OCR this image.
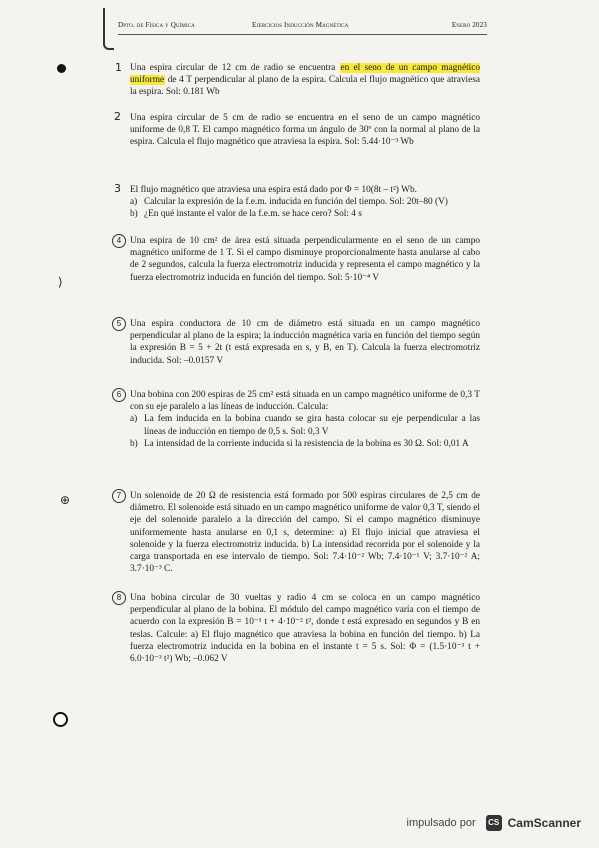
Dpto. de Física y Química	Ejercicios Inducción Magnética	Enero 2023
⟩
⊕
1
2
3
4
5
6
7
8

Una espira circular de 12 cm de radio se encuentra en el seno de un campo magnético uniforme de 4 T perpendicular al plano de la espira. Calcula el flujo magnético que atraviesa la espira. Sol: 0.181 Wb

Una espira circular de 5 cm de radio se encuentra en el seno de un campo magnético uniforme de 0,8 T. El campo magnético forma un ángulo de 30º con la normal al plano de la espira. Calcula el flujo magnético que atraviesa la espira. Sol: 5.44·10⁻³ Wb

El flujo magnético que atraviesa una espira está dado por Φ = 10(8t – t²) Wb.

a) Calcular la expresión de la f.e.m. inducida en función del tiempo. Sol: 20t–80 (V)

b) ¿En qué instante el valor de la f.e.m. se hace cero? Sol: 4 s

Una espira de 10 cm² de área está situada perpendicularmente en el seno de un campo magnético uniforme de 1 T. Si el campo disminuye proporcionalmente hasta anularse al cabo de 2 segundos, calcula la fuerza electromotriz inducida y representa el campo magnético y la fuerza electromotriz inducida en función del tiempo. Sol: 5·10⁻⁴ V

Una espira conductora de 10 cm de diámetro está situada en un campo magnético perpendicular al plano de la espira; la inducción magnética varía en función del tiempo según la expresión B = 5 + 2t (t está expresada en s, y B, en T). Calcula la fuerza electromotriz inducida. Sol: –0.0157 V

Una bobina con 200 espiras de 25 cm² está situada en un campo magnético uniforme de 0,3 T con su eje paralelo a las líneas de inducción. Calcula:

a) La fem inducida en la bobina cuando se gira hasta colocar su eje perpendicular a las líneas de inducción en tiempo de 0,5 s. Sol: 0,3 V

b) La intensidad de la corriente inducida si la resistencia de la bobina es 30 Ω. Sol: 0,01 A

Un solenoide de 20 Ω de resistencia está formado por 500 espiras circulares de 2,5 cm de diámetro. El solenoide está situado en un campo magnético uniforme de valor 0,3 T, siendo el eje del solenoide paralelo a la dirección del campo. Si el campo magnético disminuye uniformemente hasta anularse en 0,1 s, determine: a) El flujo inicial que atraviesa el solenoide y la fuerza electromotriz inducida. b) La intensidad recorrida por el solenoide y la carga transportada en ese intervalo de tiempo. Sol: 7.4·10⁻² Wb; 7.4·10⁻¹ V; 3.7·10⁻² A; 3.7·10⁻³ C.

Una bobina circular de 30 vueltas y radio 4 cm se coloca en un campo magnético perpendicular al plano de la bobina. El módulo del campo magnético varía con el tiempo de acuerdo con la expresión B = 10⁻¹ t + 4·10⁻² t², donde t está expresado en segundos y B en teslas. Calcule: a) El flujo magnético que atraviesa la bobina en función del tiempo. b) La fuerza electromotriz inducida en la bobina en el instante t = 5 s. Sol: Φ = (1.5·10⁻³ t + 6.0·10⁻³ t²) Wb; –0.062 V

impulsado por	CS CamScanner
